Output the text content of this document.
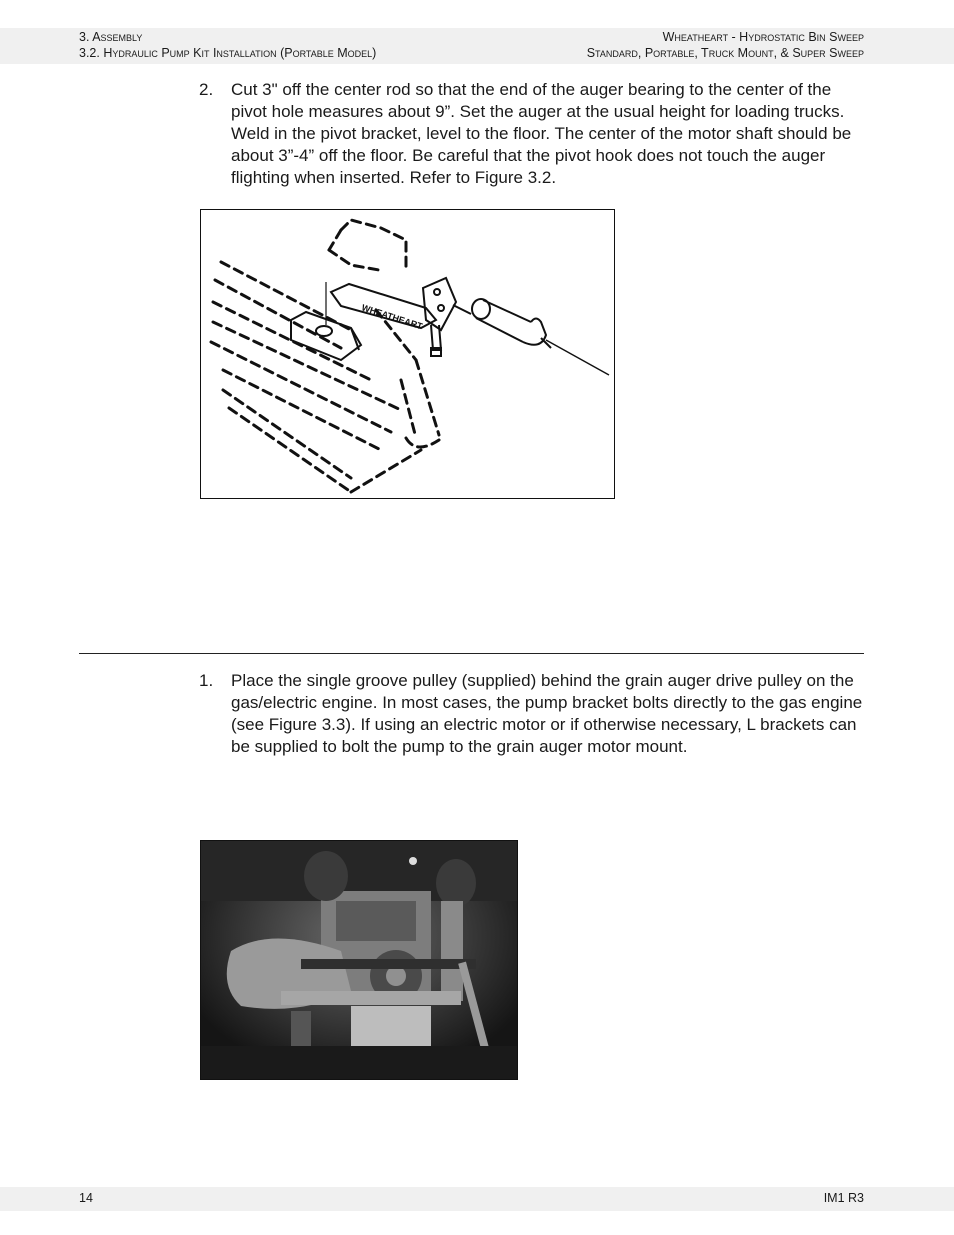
3. Assembly
3.2. Hydraulic Pump Kit Installation (Portable Model)
Wheatheart - Hydrostatic Bin Sweep
Standard, Portable, Truck Mount, & Super Sweep
2.	Cut 3" off the center rod so that the end of the auger bearing to the center of the pivot hole measures about 9”. Set the auger at the usual height for loading trucks. Weld in the pivot bracket, level to the floor. The center of the motor shaft should be about 3”-4” off the floor. Be careful that the pivot hook does not touch the auger flighting when inserted. Refer to Figure 3.2.
WHEATHEART
1.	Place the single groove pulley (supplied) behind the grain auger drive pulley on the gas/electric engine. In most cases, the pump bracket bolts directly to the gas engine (see Figure 3.3). If using an electric motor or if otherwise necessary, L brackets can be supplied to bolt the pump to the grain auger motor mount.
14	IM1 R3
